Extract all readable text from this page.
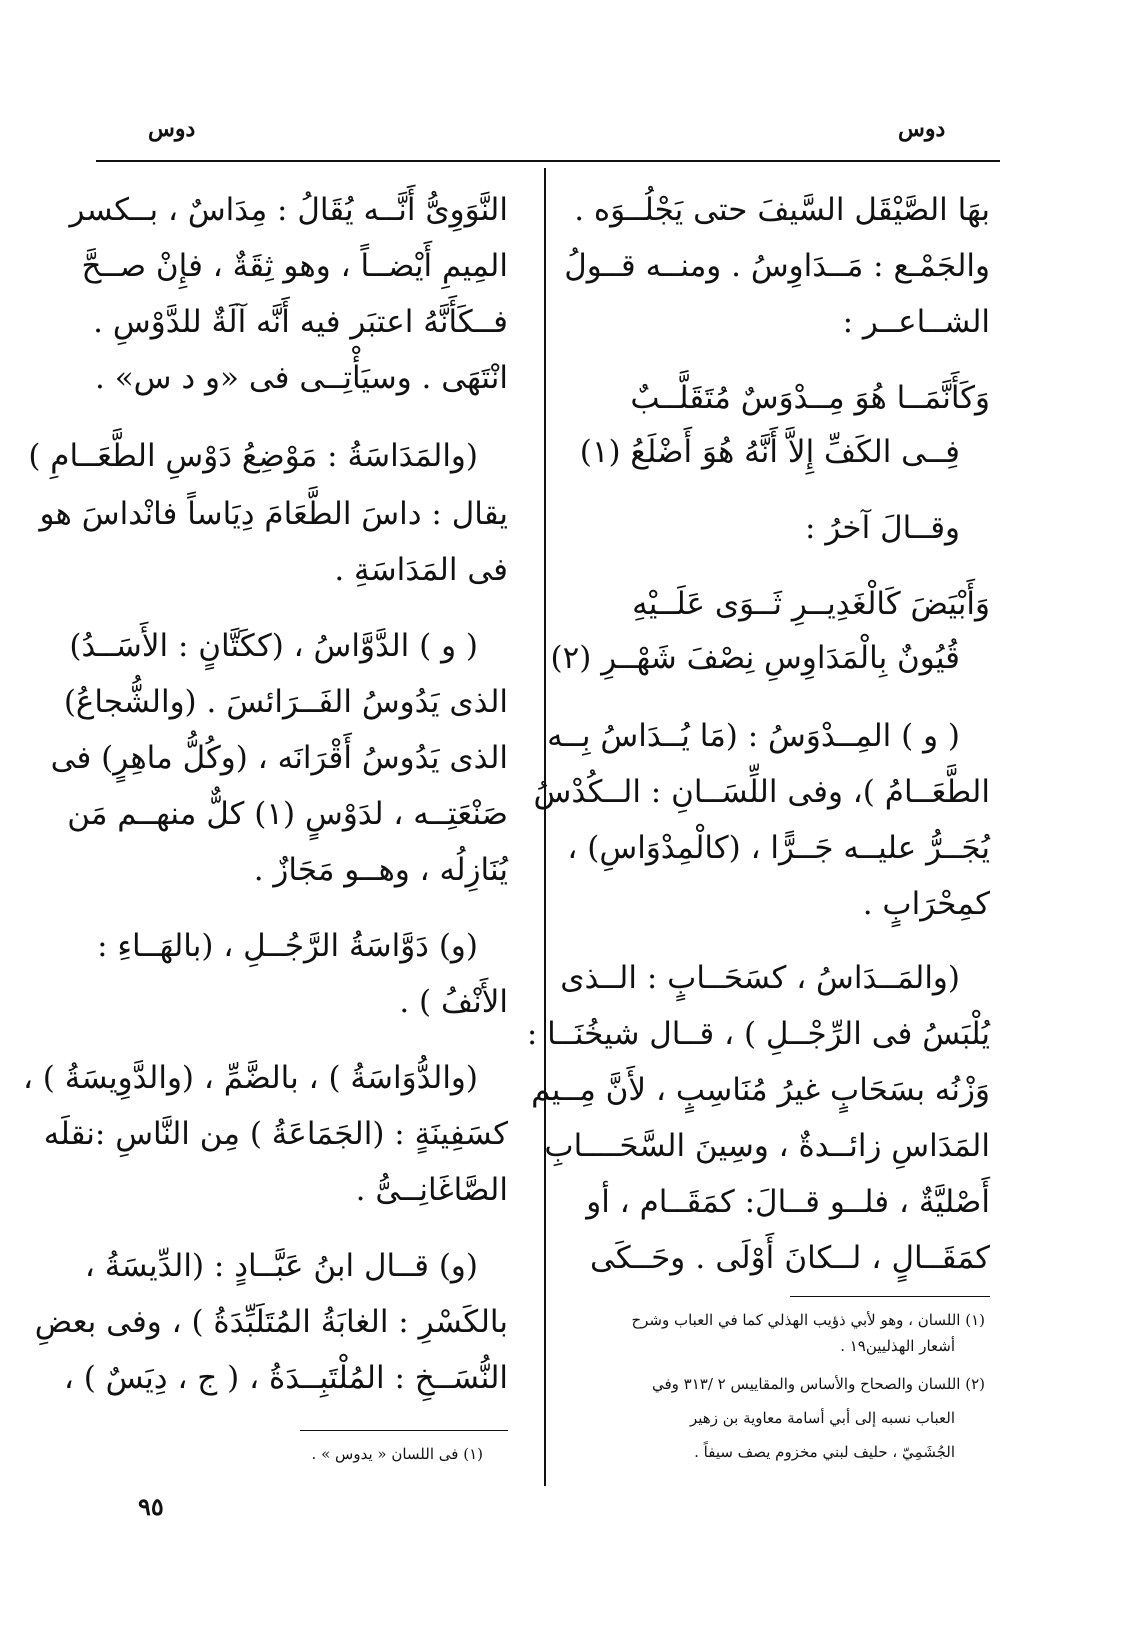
دوس	دوس
بهَا الصَّيْقَل السَّيفَ حتى يَجْلُــوَه .
والجَمْـع : مَــدَاوِسُ . ومنــه قــولُ
الشــاعــر :
وَكَأَنَّمَــا هُوَ مِــدْوَسٌ مُتَقَلَّــبٌ
فِــى الكَفِّ إِلاَّ أَنَّهُ هُوَ أَضْلَعُ (١)
وقــالَ آخرُ :
وَأَبْيَضَ كَالْغَدِيــرِ ثَــوَى عَلَــيْهِ
قُيُونٌ بِالْمَدَاوِسِ نِصْفَ شَهْــرِ (٢)
( و ) المِــدْوَسُ : (مَا يُــدَاسُ بِــه
الطَّعَــامُ )، وفى اللِّسَــانِ : الــكُدْسُ
يُجَــرُّ عليــه جَــرًّا ، (كالْمِدْوَاسِ) ،
كمِحْرَابٍ .
(والمَــدَاسُ ، كسَحَــابٍ : الــذى
يُلْبَسُ فى الرِّجْــلِ ) ، قــال شيخُنَــا :
وَزْنُه بسَحَابٍ غيرُ مُنَاسِبٍ ، لأَنَّ مِــيم
المَدَاسِ زائــدةٌ ، وسِينَ السَّحَــــابِ
أَصْليَّةٌ ، فلــو قــالَ: كمَقَــام ، أو
كمَقَــالٍ ، لــكانَ أَوْلَى . وحَــكَى
(١) اللسان ، وهو لأبي ذؤيب الهذلي كما في العباب وشرح
أشعار الهذليين١٩ .
(٢) اللسان والصحاح والأساس والمقاييس ٢ /٣١٣ وفي
العباب نسبه إلى أبي أسامة معاوية بن زهير
الجُشَمِيّ ، حليف لبني مخزوم يصف سيفاً .
النَّوَوِىُّ أَنَّــه يُقَالُ : مِدَاسٌ ، بــكسر
المِيمِ أَيْضــاً ، وهو ثِقَةٌ ، فإِنْ صــحَّ
فــكَأَنَّهُ اعتبَر فيه أَنَّه آلَةٌ للدَّوْسِ .
انْتَهَى . وسيَأْتِــى فى «و د س» .
(والمَدَاسَةُ : مَوْضِعُ دَوْسِ الطَّعَــامِ )
يقال : داسَ الطَّعَامَ دِيَاساً فانْداسَ هو
فى المَدَاسَةِ .
( و ) الدَّوَّاسُ ، (ككَتَّانٍ : الأَسَــدُ)
الذى يَدُوسُ الفَــرَائسَ . (والشُّجاعُ)
الذى يَدُوسُ أَقْرَانَه ، (وكُلُّ ماهِرٍ) فى
صَنْعَتِــه ، لدَوْسٍ (١) كلٌّ منهــم مَن
يُنَازِلُه ، وهــو مَجَازٌ .
(و) دَوَّاسَةُ الرَّجُــلِ ، (بالهَــاءِ :
الأَنْفُ ) .
(والدُّوَاسَةُ ) ، بالضَّمِّ ، (والدَّوِيسَةُ ) ،
كسَفِينَةٍ : (الجَمَاعَةُ ) مِن النَّاسِ :نقلَه
الصَّاغَانِــىُّ .
(و) قــال ابنُ عَبَّــادٍ : (الدِّيسَةُ ،
بالكَسْرِ : الغابَةُ المُتَلَبِّدَةُ ) ، وفى بعضِ
النُّسَــخِ : المُلْتَبِــدَةُ ، ( ج ، دِيَسٌ ) ،
(١) فى اللسان « يدوس » .
٩٥
